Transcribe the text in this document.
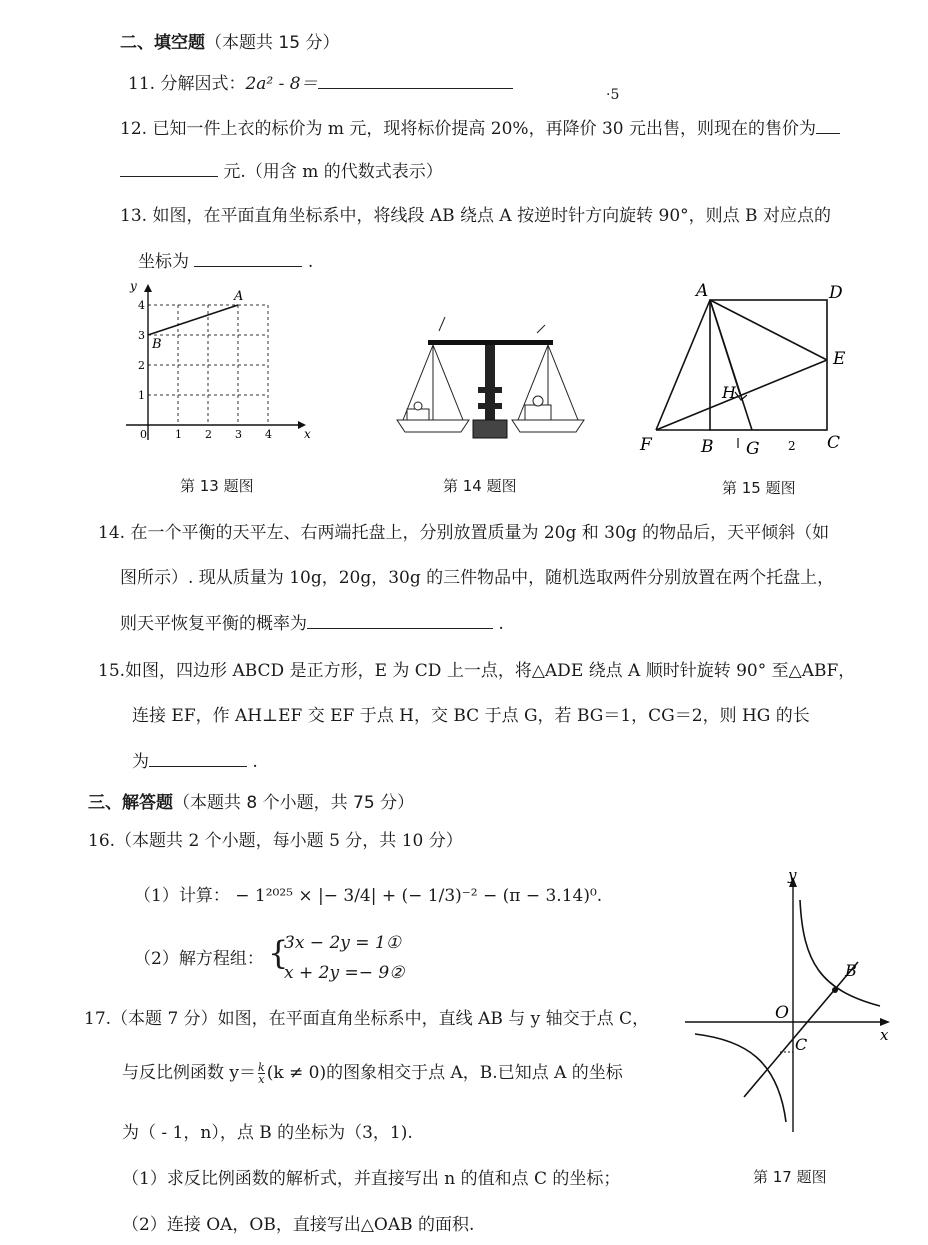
二、填空题（本题共 15 分）
11. 分解因式：2a² - 8＝
·5
12. 已知一件上衣的标价为 m 元，现将标价提高 20%，再降价 30 元出售，则现在的售价为
元.（用含 m 的代数式表示）
13. 如图，在平面直角坐标系中，将线段 AB 绕点 A 按逆时针方向旋转 90°，则点 B 对应点的
坐标为	.
y
x
A
B
1
2
3
4
0	1 2 3 4
第 13 题图	第 14 题图
A	D
E
F	B G	C
H
2
第 15 题图
14. 在一个平衡的天平左、右两端托盘上，分别放置质量为 20g 和 30g 的物品后，天平倾斜（如
图所示）. 现从质量为 10g，20g，30g 的三件物品中，随机选取两件分别放置在两个托盘上，
则天平恢复平衡的概率为	.
15.如图，四边形 ABCD 是正方形，E 为 CD 上一点，将△ADE 绕点 A 顺时针旋转 90° 至△ABF，
连接 EF，作 AH⊥EF 交 EF 于点 H，交 BC 于点 G，若 BG＝1，CG＝2，则 HG 的长
为	.
三、解答题（本题共 8 个小题，共 75 分）
16.（本题共 2 个小题，每小题 5 分，共 10 分）
（1）计算： − 1²⁰²⁵ × |− 3/4| + (− 1/3)⁻² − (π − 3.14)⁰.
（2）解方程组： {
3x − 2y = 1①
x + 2y =− 9②
17.（本题 7 分）如图，在平面直角坐标系中，直线 AB 与 y 轴交于点 C，
与反比例函数 $y= \frac{k}{x} (k \ne 0)$的图象相交于点 A，B.已知点 A 的坐标
为（ - 1，n），点 B 的坐标为（3，1).
（1）求反比例函数的解析式，并直接写出 n 的值和点 C 的坐标；
（2）连接 OA，OB，直接写出△OAB 的面积.
y
x
O
B
C
第 17 题图
